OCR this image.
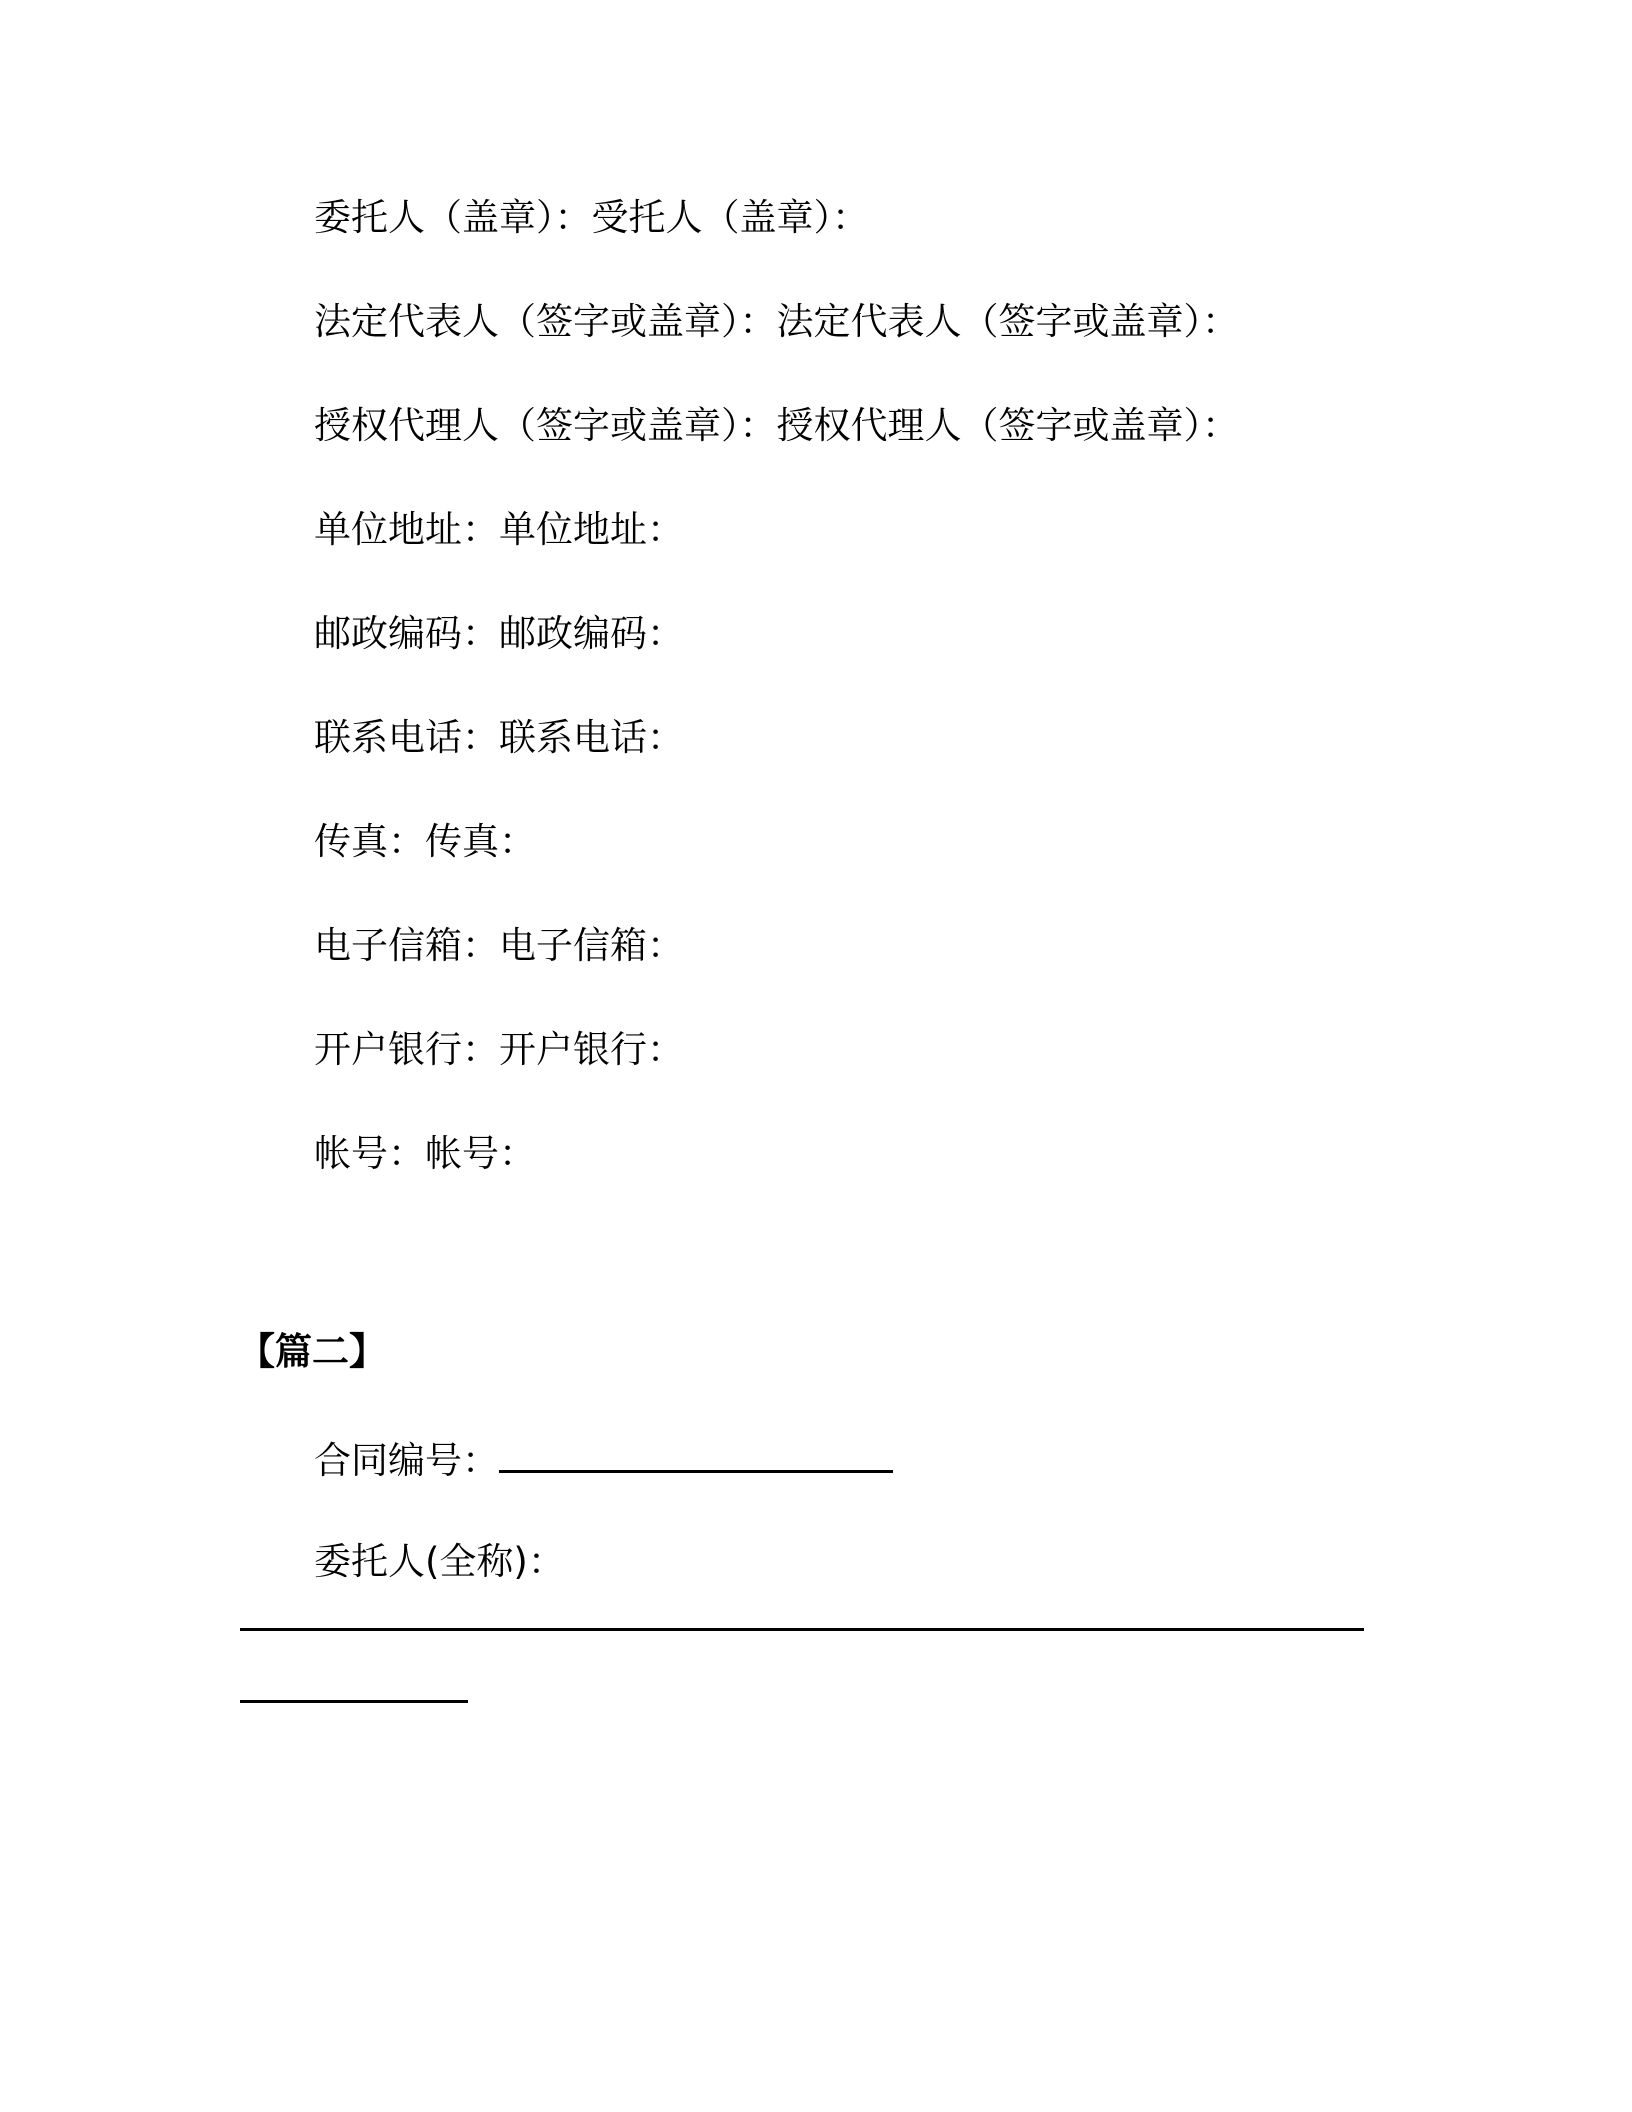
委托人（盖章）：受托人（盖章）：
法定代表人（签字或盖章）：法定代表人（签字或盖章）：
授权代理人（签字或盖章）：授权代理人（签字或盖章）：
单位地址：单位地址：
邮政编码：邮政编码：
联系电话：联系电话：
传真：传真：
电子信箱：电子信箱：
开户银行：开户银行：
帐号：帐号：
【篇二】
合同编号：
委托人(全称)：
